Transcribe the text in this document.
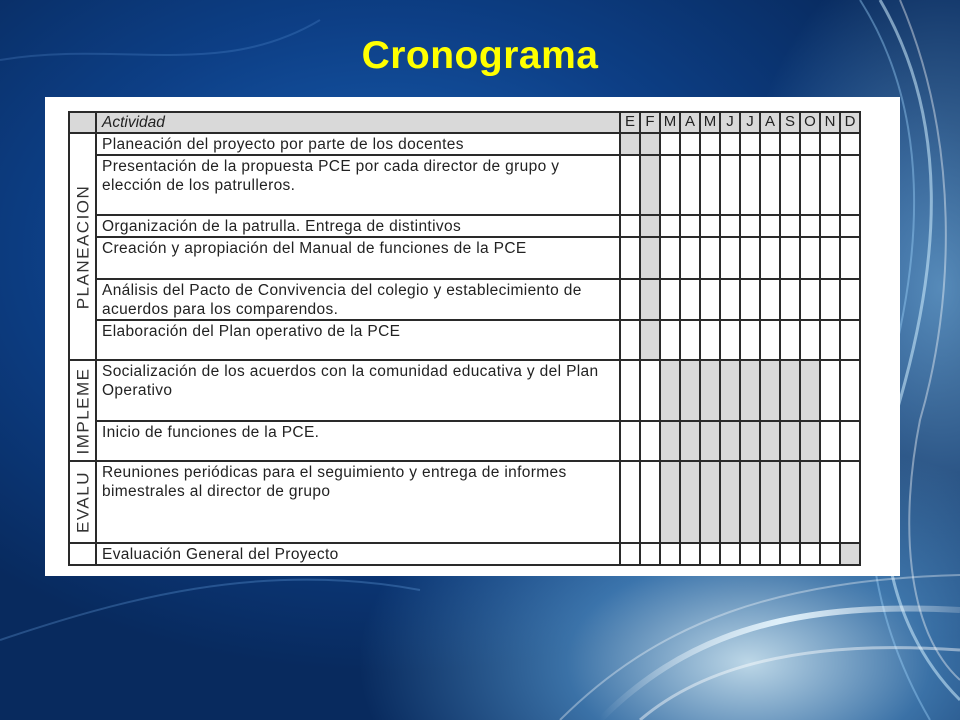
Cronograma
	Actividad	E	F	M	A	M	J	J	A	S	O	N	D

PLANEACION	Planeación del proyecto por parte de los docentes												
	Presentación de la propuesta PCE por cada director de grupo y elección de los patrulleros.												
	Organización de la patrulla. Entrega de distintivos												
	Creación y apropiación del Manual de funciones de la PCE												
	Análisis del Pacto de Convivencia del colegio y establecimiento de acuerdos para los comparendos.												
	Elaboración del Plan operativo de la PCE												

IMPLEME	Socialización de los acuerdos con la comunidad educativa y del Plan Operativo												
	Inicio de funciones de la PCE.												

EVALU	Reuniones periódicas para el seguimiento y entrega de informes bimestrales al director de grupo												
	Evaluación General del Proyecto												
